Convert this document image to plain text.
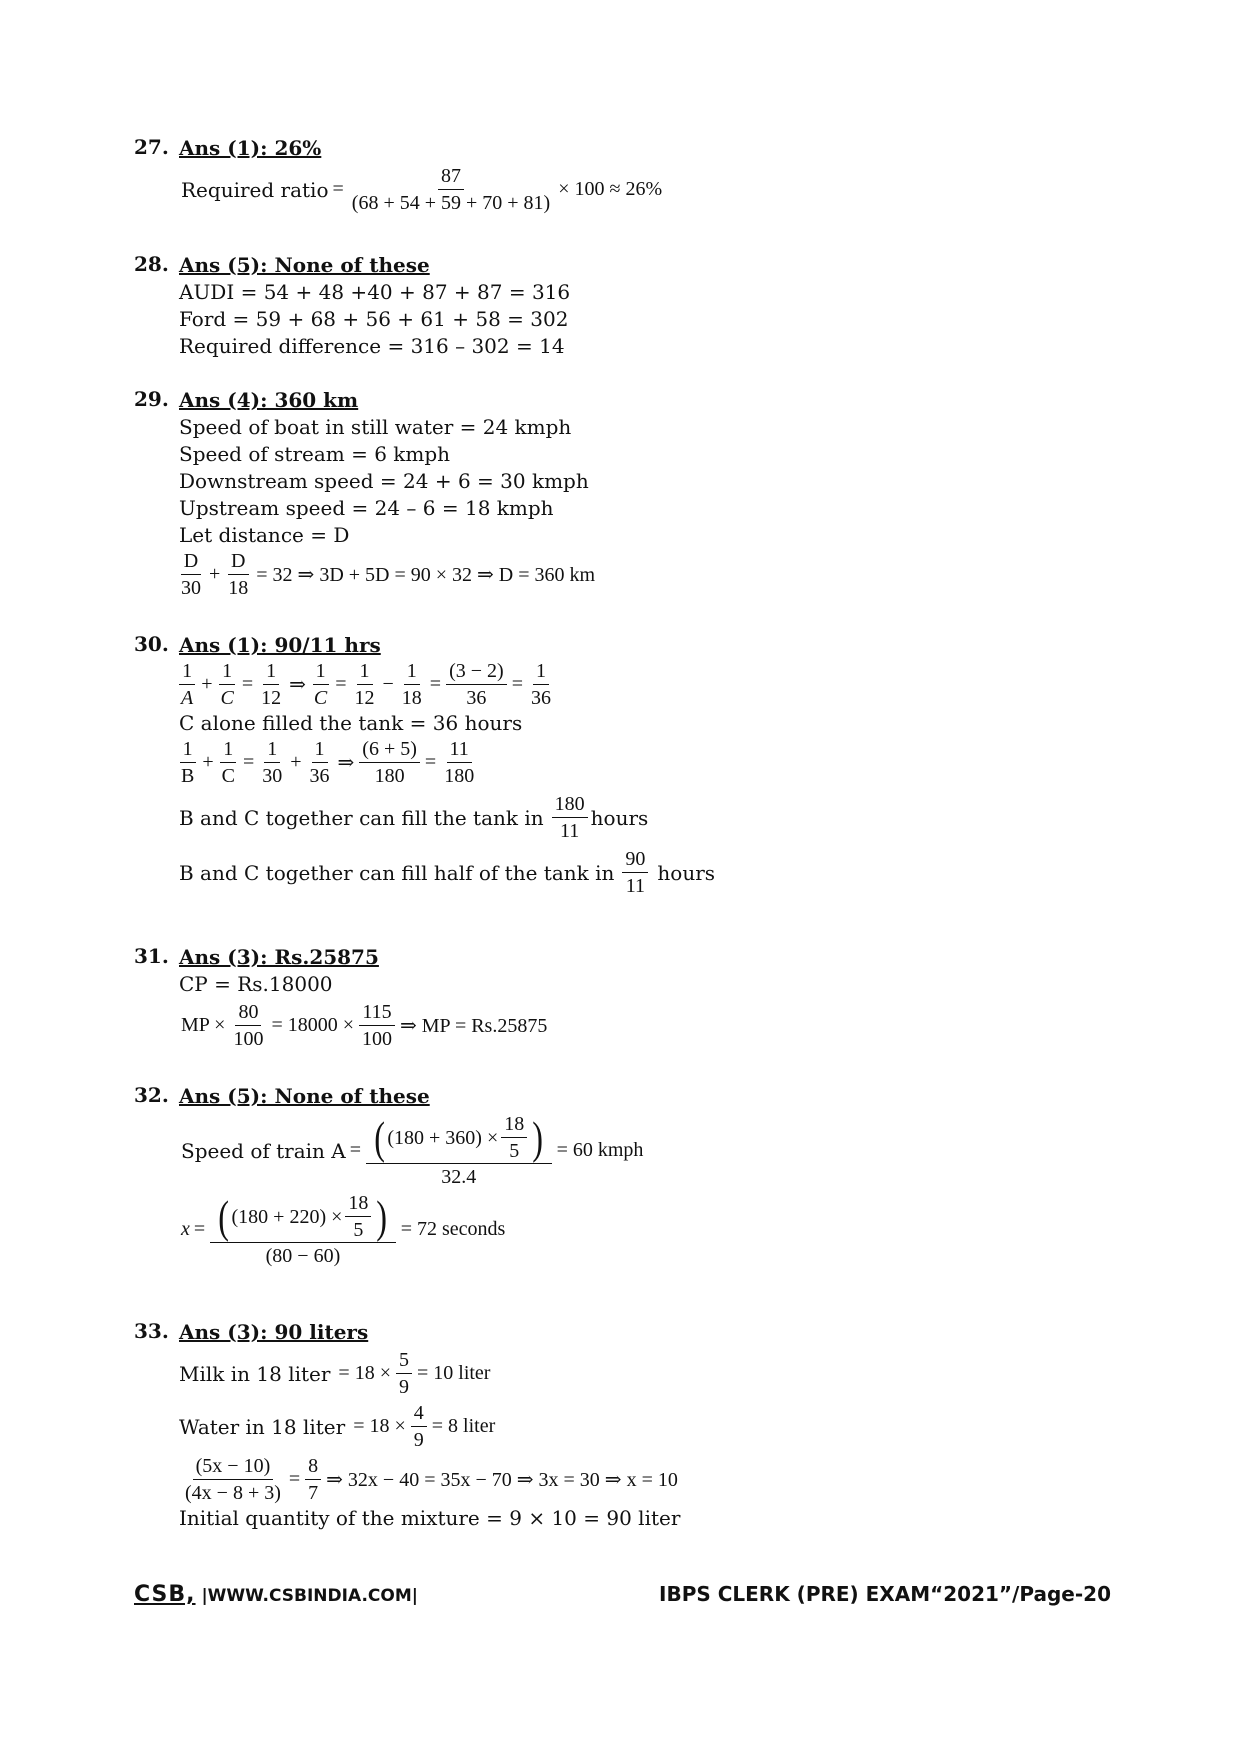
27. Ans (1): 26%
Required ratio = $\frac{87}{(68 + 54 + 59 + 70 + 81)} \times 100 \approx 26\%$
28. Ans (5): None of these
AUDI = 54 + 48 +40 + 87 + 87 = 316
Ford = 59 + 68 + 56 + 61 + 58 = 302
Required difference = 316 – 302 = 14
29. Ans (4): 360 km
Speed of boat in still water = 24 kmph
Speed of stream = 6 kmph
Downstream speed = 24 + 6 = 30 kmph
Upstream speed = 24 – 6 = 18 kmph
Let distance = D
$\frac{D}{30} + \frac{D}{18} = 32$ ⇒ 3D + 5D = 90 × 32 ⇒ D = 360 km
30. Ans (1): 90/11 hrs
$\frac{1}{A} + \frac{1}{C} = \frac{1}{12}$ ⇒ $\frac{1}{C} = \frac{1}{12} - \frac{1}{18} = \frac{(3 - 2)}{36} = \frac{1}{36}$
C alone filled the tank = 36 hours
$\frac{1}{B} + \frac{1}{C} = \frac{1}{30} + \frac{1}{36}$ ⇒ $\frac{(6 + 5)}{180} = \frac{11}{180}$
B and C together can fill the tank in $\frac{180}{11}$ hours
B and C together can fill half of the tank in $\frac{90}{11}$ hours
31. Ans (3): Rs.25875
CP = Rs.18000
MP × $\frac{80}{100} = 18000 \times \frac{115}{100}$ ⇒ MP = Rs.25875
32. Ans (5): None of these
Speed of train $A = \frac{( (180 + 360) \times \frac{18}{5} )}{32.4} = 60$ kmph
$x = \frac{( (180 + 220) \times \frac{18}{5} )}{(80 - 60)} = 72$ seconds
33. Ans (3): 90 liters
Milk in 18 liter = $18 \times \frac{5}{9} = 10$ liter
Water in 18 liter = $18 \times \frac{4}{9} = 8$ liter
$\frac{(5x - 10)}{(4x - 8 + 3)} = \frac{8}{7}$ ⇒ 32x − 40 = 35x − 70 ⇒ 3x = 30 ⇒ x = 10
Initial quantity of the mixture = 9 × 10 = 90 liter
CSB, |WWW.CSBINDIA.COM|	IBPS CLERK (PRE) EXAM“2021”/Page-20
